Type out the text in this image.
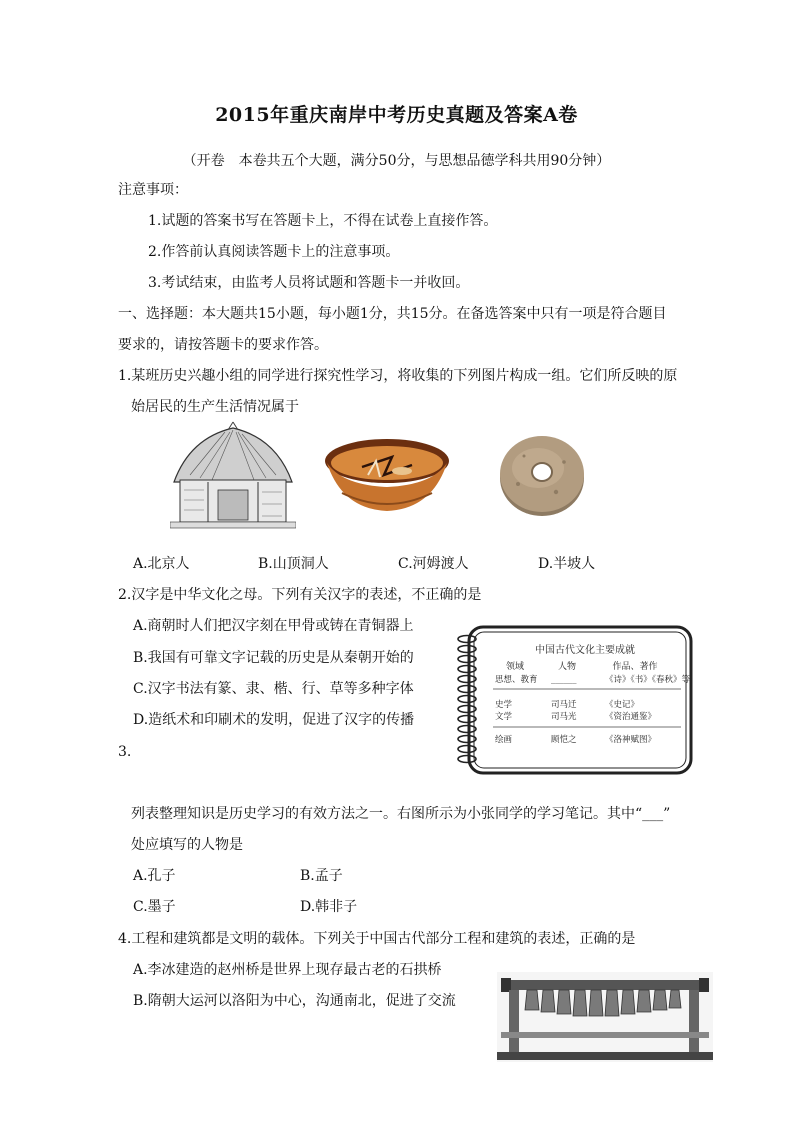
2015年重庆南岸中考历史真题及答案A卷
（开卷　本卷共五个大题，满分50分，与思想品德学科共用90分钟）
注意事项：
1.试题的答案书写在答题卡上，不得在试卷上直接作答。
2.作答前认真阅读答题卡上的注意事项。
3.考试结束，由监考人员将试题和答题卡一并收回。
一、选择题：本大题共15小题，每小题1分，共15分。在备选答案中只有一项是符合题目
要求的，请按答题卡的要求作答。
1.某班历史兴趣小组的同学进行探究性学习，将收集的下列图片构成一组。它们所反映的原
始居民的生产生活情况属于
A.北京人	B.山顶洞人	C.河姆渡人	D.半坡人
2.汉字是中华文化之母。下列有关汉字的表述，不正确的是
A.商朝时人们把汉字刻在甲骨或铸在青铜器上
B.我国有可靠文字记载的历史是从秦朝开始的
C.汉字书法有篆、隶、楷、行、草等多种字体
D.造纸术和印刷术的发明，促进了汉字的传播
中国古代文化主要成就
领域	人物	作品、著作
思想、教育 ______	《诗》《书》《春秋》等
史学	司马迁	《史记》
文学	司马光	《资治通鉴》
绘画	顾恺之	《洛神赋图》
3.
列表整理知识是历史学习的有效方法之一。右图所示为小张同学的学习笔记。其中“___”
处应填写的人物是
A.孔子	B.孟子
C.墨子	D.韩非子
4.工程和建筑都是文明的载体。下列关于中国古代部分工程和建筑的表述，正确的是
A.李冰建造的赵州桥是世界上现存最古老的石拱桥
B.隋朝大运河以洛阳为中心，沟通南北，促进了交流
